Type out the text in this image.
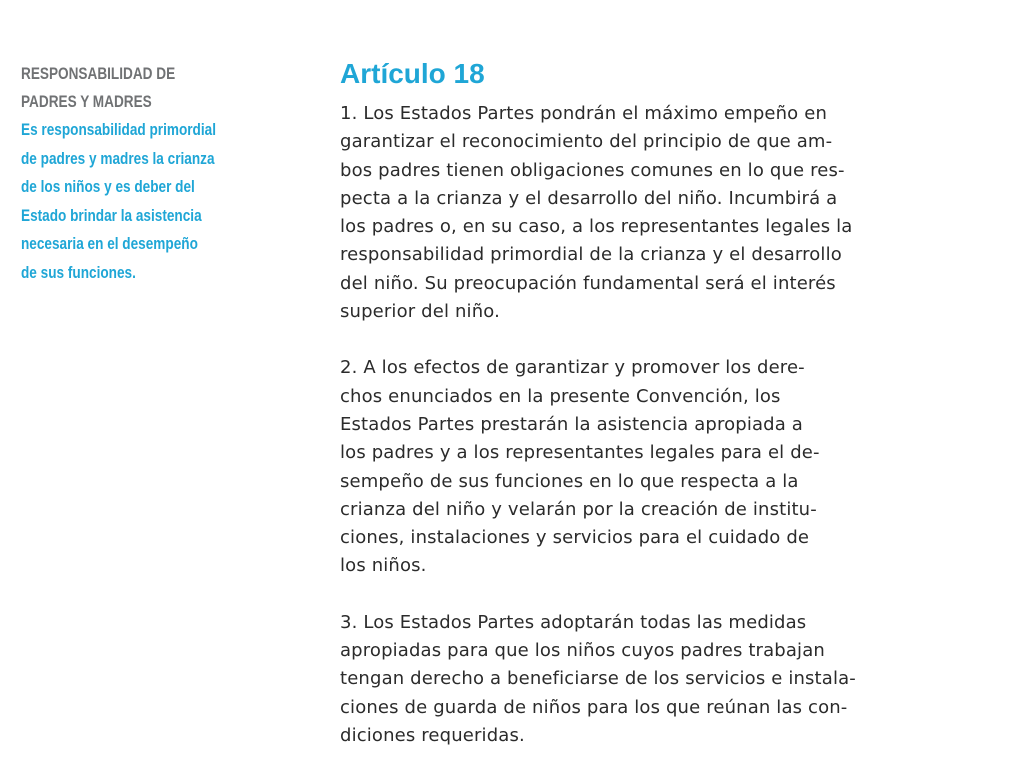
RESPONSABILIDAD DE
PADRES Y MADRES

Es responsabilidad primordial
de padres y madres la crianza
de los niños y es deber del
Estado brindar la asistencia
necesaria en el desempeño
de sus funciones.

Artículo 18

1. Los Estados Partes pondrán el máximo empeño en
garantizar el reconocimiento del principio de que am-
bos padres tienen obligaciones comunes en lo que res-
pecta a la crianza y el desarrollo del niño. Incumbirá a
los padres o, en su caso, a los representantes legales la
responsabilidad primordial de la crianza y el desarrollo
del niño. Su preocupación fundamental será el interés
superior del niño.

2. A los efectos de garantizar y promover los dere-
chos enunciados en la presente Convención, los
Estados Partes prestarán la asistencia apropiada a
los padres y a los representantes legales para el de-
sempeño de sus funciones en lo que respecta a la
crianza del niño y velarán por la creación de institu-
ciones, instalaciones y servicios para el cuidado de
los niños.

3. Los Estados Partes adoptarán todas las medidas
apropiadas para que los niños cuyos padres trabajan
tengan derecho a beneficiarse de los servicios e instala-
ciones de guarda de niños para los que reúnan las con-
diciones requeridas.
